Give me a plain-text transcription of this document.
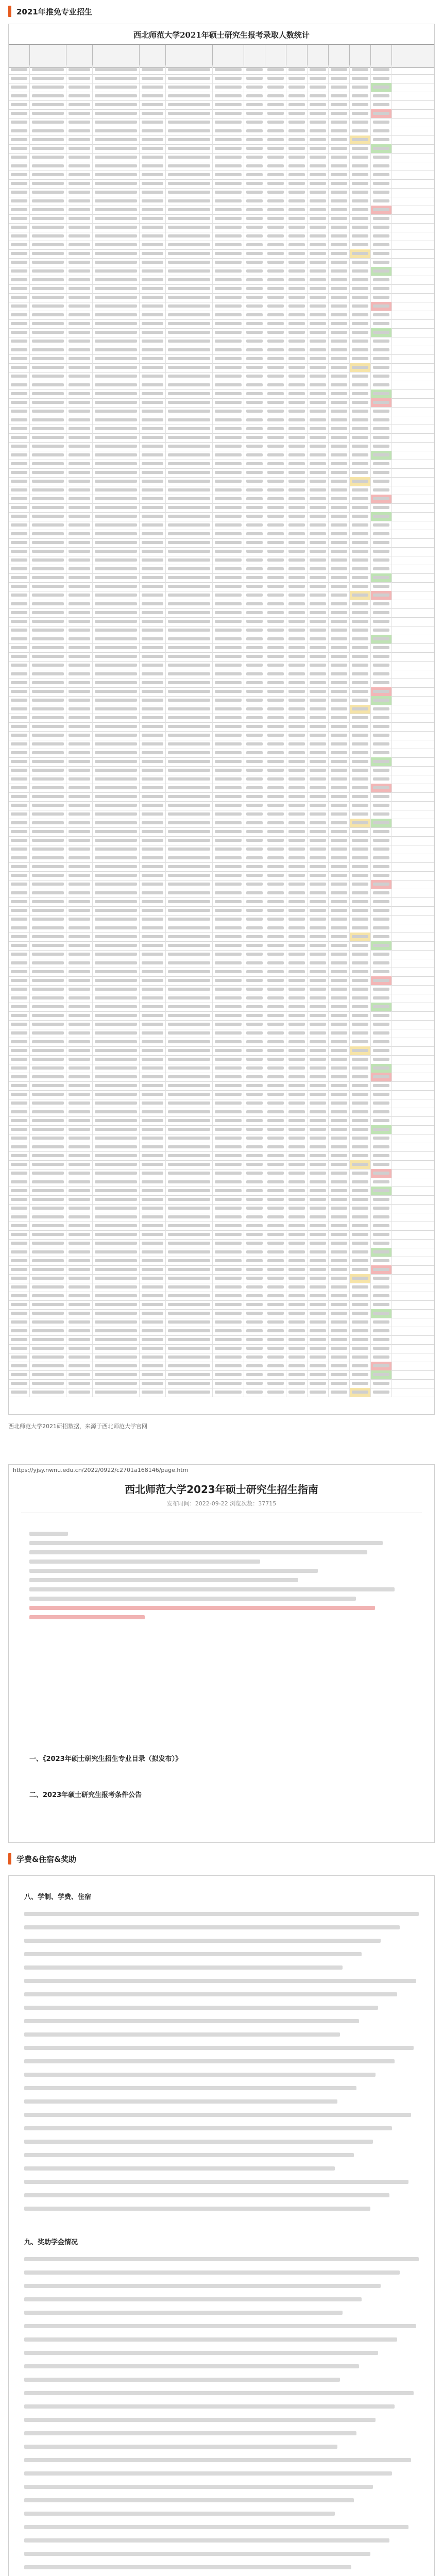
2021年推免专业招生
西北师范大学2021年硕士研究生报考录取人数统计
西北师范大学2021研招数据，来源于西北师范大学官网
https://yjsy.nwnu.edu.cn/2022/0922/c2701a168146/page.htm
西北师范大学2023年硕士研究生招生指南
发布时间：2022-09-22 浏览次数：37715
一、《2023年硕士研究生招生专业目录（拟发布）》
二、2023年硕士研究生报考条件公告
学费&住宿&奖助
八、学制、学费、住宿
九、奖助学金情况
